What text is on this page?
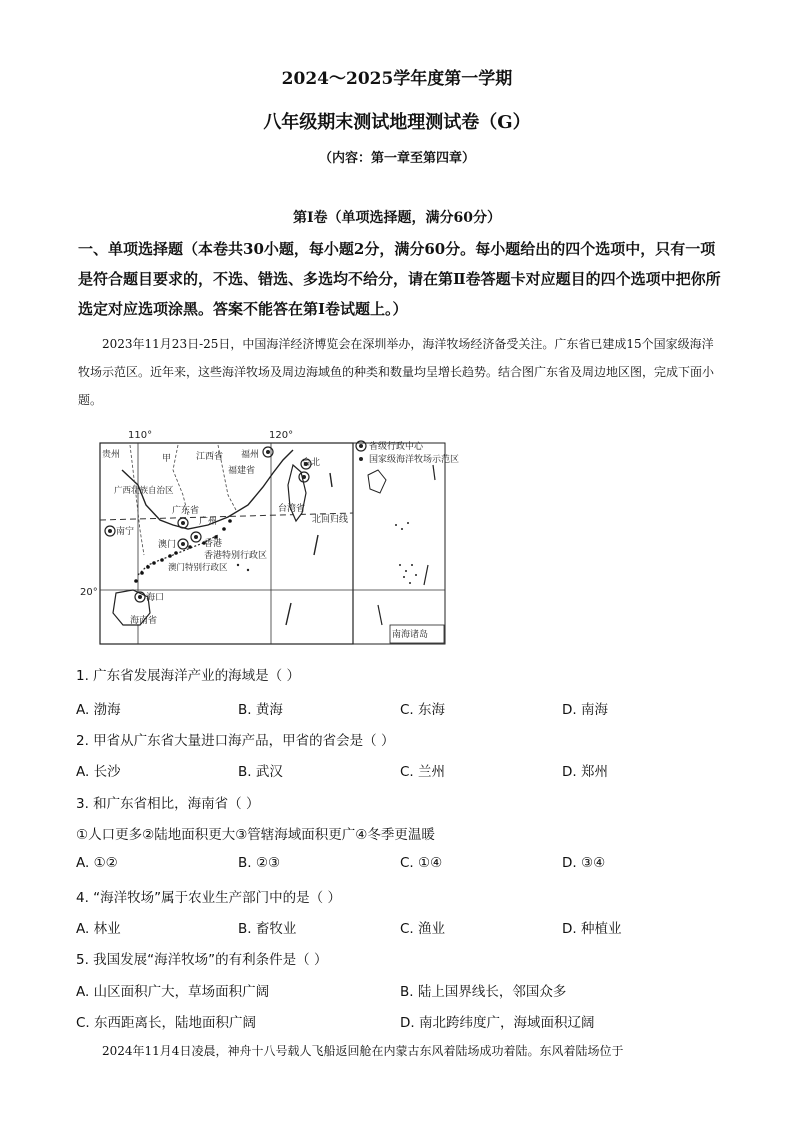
2024～2025学年度第一学期
八年级期末测试地理测试卷（G）
（内容：第一章至第四章）
第Ⅰ卷（单项选择题，满分60分）
一、单项选择题（本卷共30小题，每小题2分，满分60分。每小题给出的四个选项中，只有一项是符合题目要求的，不选、错选、多选均不给分，请在第Ⅱ卷答题卡对应题目的四个选项中把你所选定对应选项涂黑。答案不能答在第Ⅰ卷试题上。）
2023年11月23日-25日，中国海洋经济博览会在深圳举办，海洋牧场经济备受关注。广东省已建成15个国家级海洋牧场示范区。近年来，这些海洋牧场及周边海域鱼的种类和数量均呈增长趋势。结合图广东省及周边地区图，完成下面小题。
省级行政中心
国家级海洋牧场示范区
110°	120°
20°
贵州	甲	江西省 福州
福建省
台北
广西壮族自治区
广东省
广州
台湾省
北回归线
南宁
澳门	香港
香港特别行政区
澳门特别行政区
海口
海南省
南海诸岛
1. 广东省发展海洋产业的海域是（ ）
A. 渤海	B. 黄海	C. 东海	D. 南海
2. 甲省从广东省大量进口海产品，甲省的省会是（ ）
A. 长沙	B. 武汉	C. 兰州	D. 郑州
3. 和广东省相比，海南省（ ）
①人口更多②陆地面积更大③管辖海域面积更广④冬季更温暖
A. ①②	B. ②③	C. ①④	D. ③④
4. “海洋牧场”属于农业生产部门中的是（ ）
A. 林业	B. 畜牧业	C. 渔业	D. 种植业
5. 我国发展“海洋牧场”的有利条件是（ ）
A. 山区面积广大，草场面积广阔	B. 陆上国界线长，邻国众多
C. 东西距离长，陆地面积广阔	D. 南北跨纬度广，海域面积辽阔
2024年11月4日凌晨，神舟十八号载人飞船返回舱在内蒙古东风着陆场成功着陆。东风着陆场位于
